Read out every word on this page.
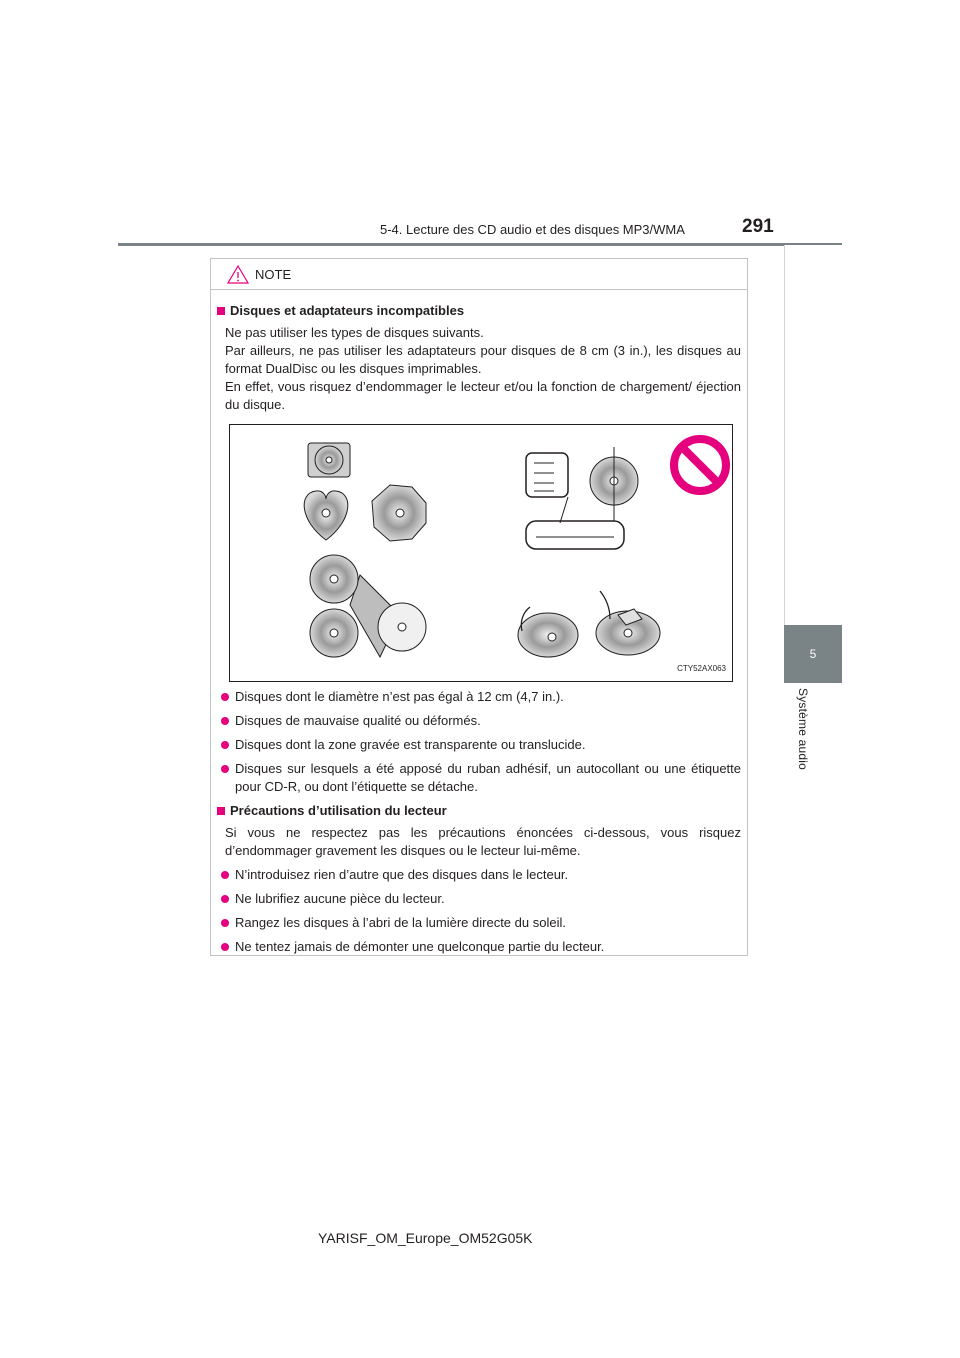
5-4. Lecture des CD audio et des disques MP3/WMA	291
5
Système audio
NOTE
Disques et adaptateurs incompatibles
Ne pas utiliser les types de disques suivants.
Par ailleurs, ne pas utiliser les adaptateurs pour disques de 8 cm (3 in.), les disques au format DualDisc ou les disques imprimables.
En effet, vous risquez d’endommager le lecteur et/ou la fonction de chargement/ éjection du disque.
CTY52AX063
Disques dont le diamètre n’est pas égal à 12 cm (4,7 in.).
Disques de mauvaise qualité ou déformés.
Disques dont la zone gravée est transparente ou translucide.
Disques sur lesquels a été apposé du ruban adhésif, un autocollant ou une étiquette pour CD-R, ou dont l’étiquette se détache.
Précautions d’utilisation du lecteur
Si vous ne respectez pas les précautions énoncées ci-dessous, vous risquez d’endommager gravement les disques ou le lecteur lui-même.
N’introduisez rien d’autre que des disques dans le lecteur.
Ne lubrifiez aucune pièce du lecteur.
Rangez les disques à l’abri de la lumière directe du soleil.
Ne tentez jamais de démonter une quelconque partie du lecteur.
YARISF_OM_Europe_OM52G05K
